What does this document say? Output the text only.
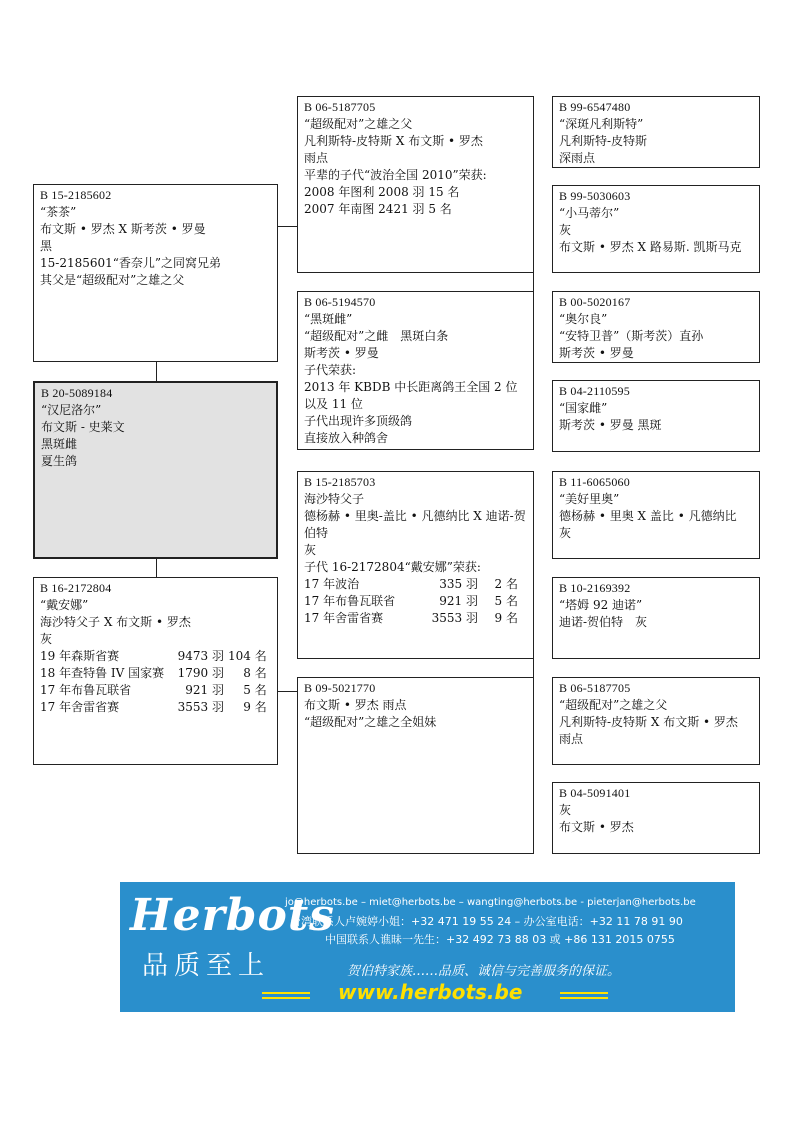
B 20-5089184
“汉尼洛尔”
布文斯 - 史莱文
黑斑雌
夏生鸽
B 15-2185602
“茶茶”
布文斯 • 罗杰 X 斯考茨 • 罗曼
黑
15-2185601“香奈儿”之同窝兄弟
其父是“超级配对”之雄之父
B 16-2172804
“戴安娜”
海沙特父子 X 布文斯 • 罗杰
灰
19 年森斯省赛	9473 羽	104 名
18 年查特鲁 IV 国家赛	1790 羽	8 名
17 年布鲁瓦联省	921 羽	5 名
17 年舍雷省赛	3553 羽	9 名
B 06-5187705
“超级配对”之雄之父
凡利斯特-皮特斯 X 布文斯 • 罗杰
雨点
平辈的子代“波治全国 2010”荣获:
2008 年图利 2008 羽 15 名
2007 年南图 2421 羽 5 名
B 06-5194570
“黑斑雌”
“超级配对”之雌　黑斑白条
斯考茨 • 罗曼
子代荣获:
2013 年 KBDB 中长距离鸽王全国 2 位以及 11 位
子代出现许多顶级鸽
直接放入种鸽舍
B 15-2185703
海沙特父子
德杨赫 • 里奥-盖比 • 凡德纳比 X 迪诺-贺伯特
灰
子代 16-2172804“戴安娜”荣获:
17 年波治	335 羽	2 名
17 年布鲁瓦联省	921 羽	5 名
17 年舍雷省赛	3553 羽	9 名
B 09-5021770
布文斯 • 罗杰 雨点
“超级配对”之雄之全姐妹
B 99-6547480
“深斑凡利斯特”
凡利斯特-皮特斯
深雨点
B 99-5030603
“小马蒂尔”
灰
布文斯 • 罗杰 X 路易斯. 凯斯马克
B 00-5020167
“奥尔良”
“安特卫普”（斯考茨）直孙
斯考茨 • 罗曼
B 04-2110595
“国家雌”
斯考茨 • 罗曼 黑斑
B 11-6065060
“美好里奥”
德杨赫 • 里奥 X 盖比 • 凡德纳比
灰
B 10-2169392
“塔姆 92 迪诺”
迪诺-贺伯特　灰
B 06-5187705
“超级配对”之雄之父
凡利斯特-皮特斯 X 布文斯 • 罗杰
雨点
B 04-5091401
灰
布文斯 • 罗杰
Herbots
品质至上
jo@herbots.be – miet@herbots.be – wangting@herbots.be - pieterjan@herbots.be
台湾联系人卢婉婷小姐：+32 471 19 55 24 – 办公室电话：+32 11 78 91 90
中国联系人谯昧一先生：+32 492 73 88 03 或 +86 131 2015 0755
贺伯特家族……品质、诚信与完善服务的保证。
www.herbots.be
